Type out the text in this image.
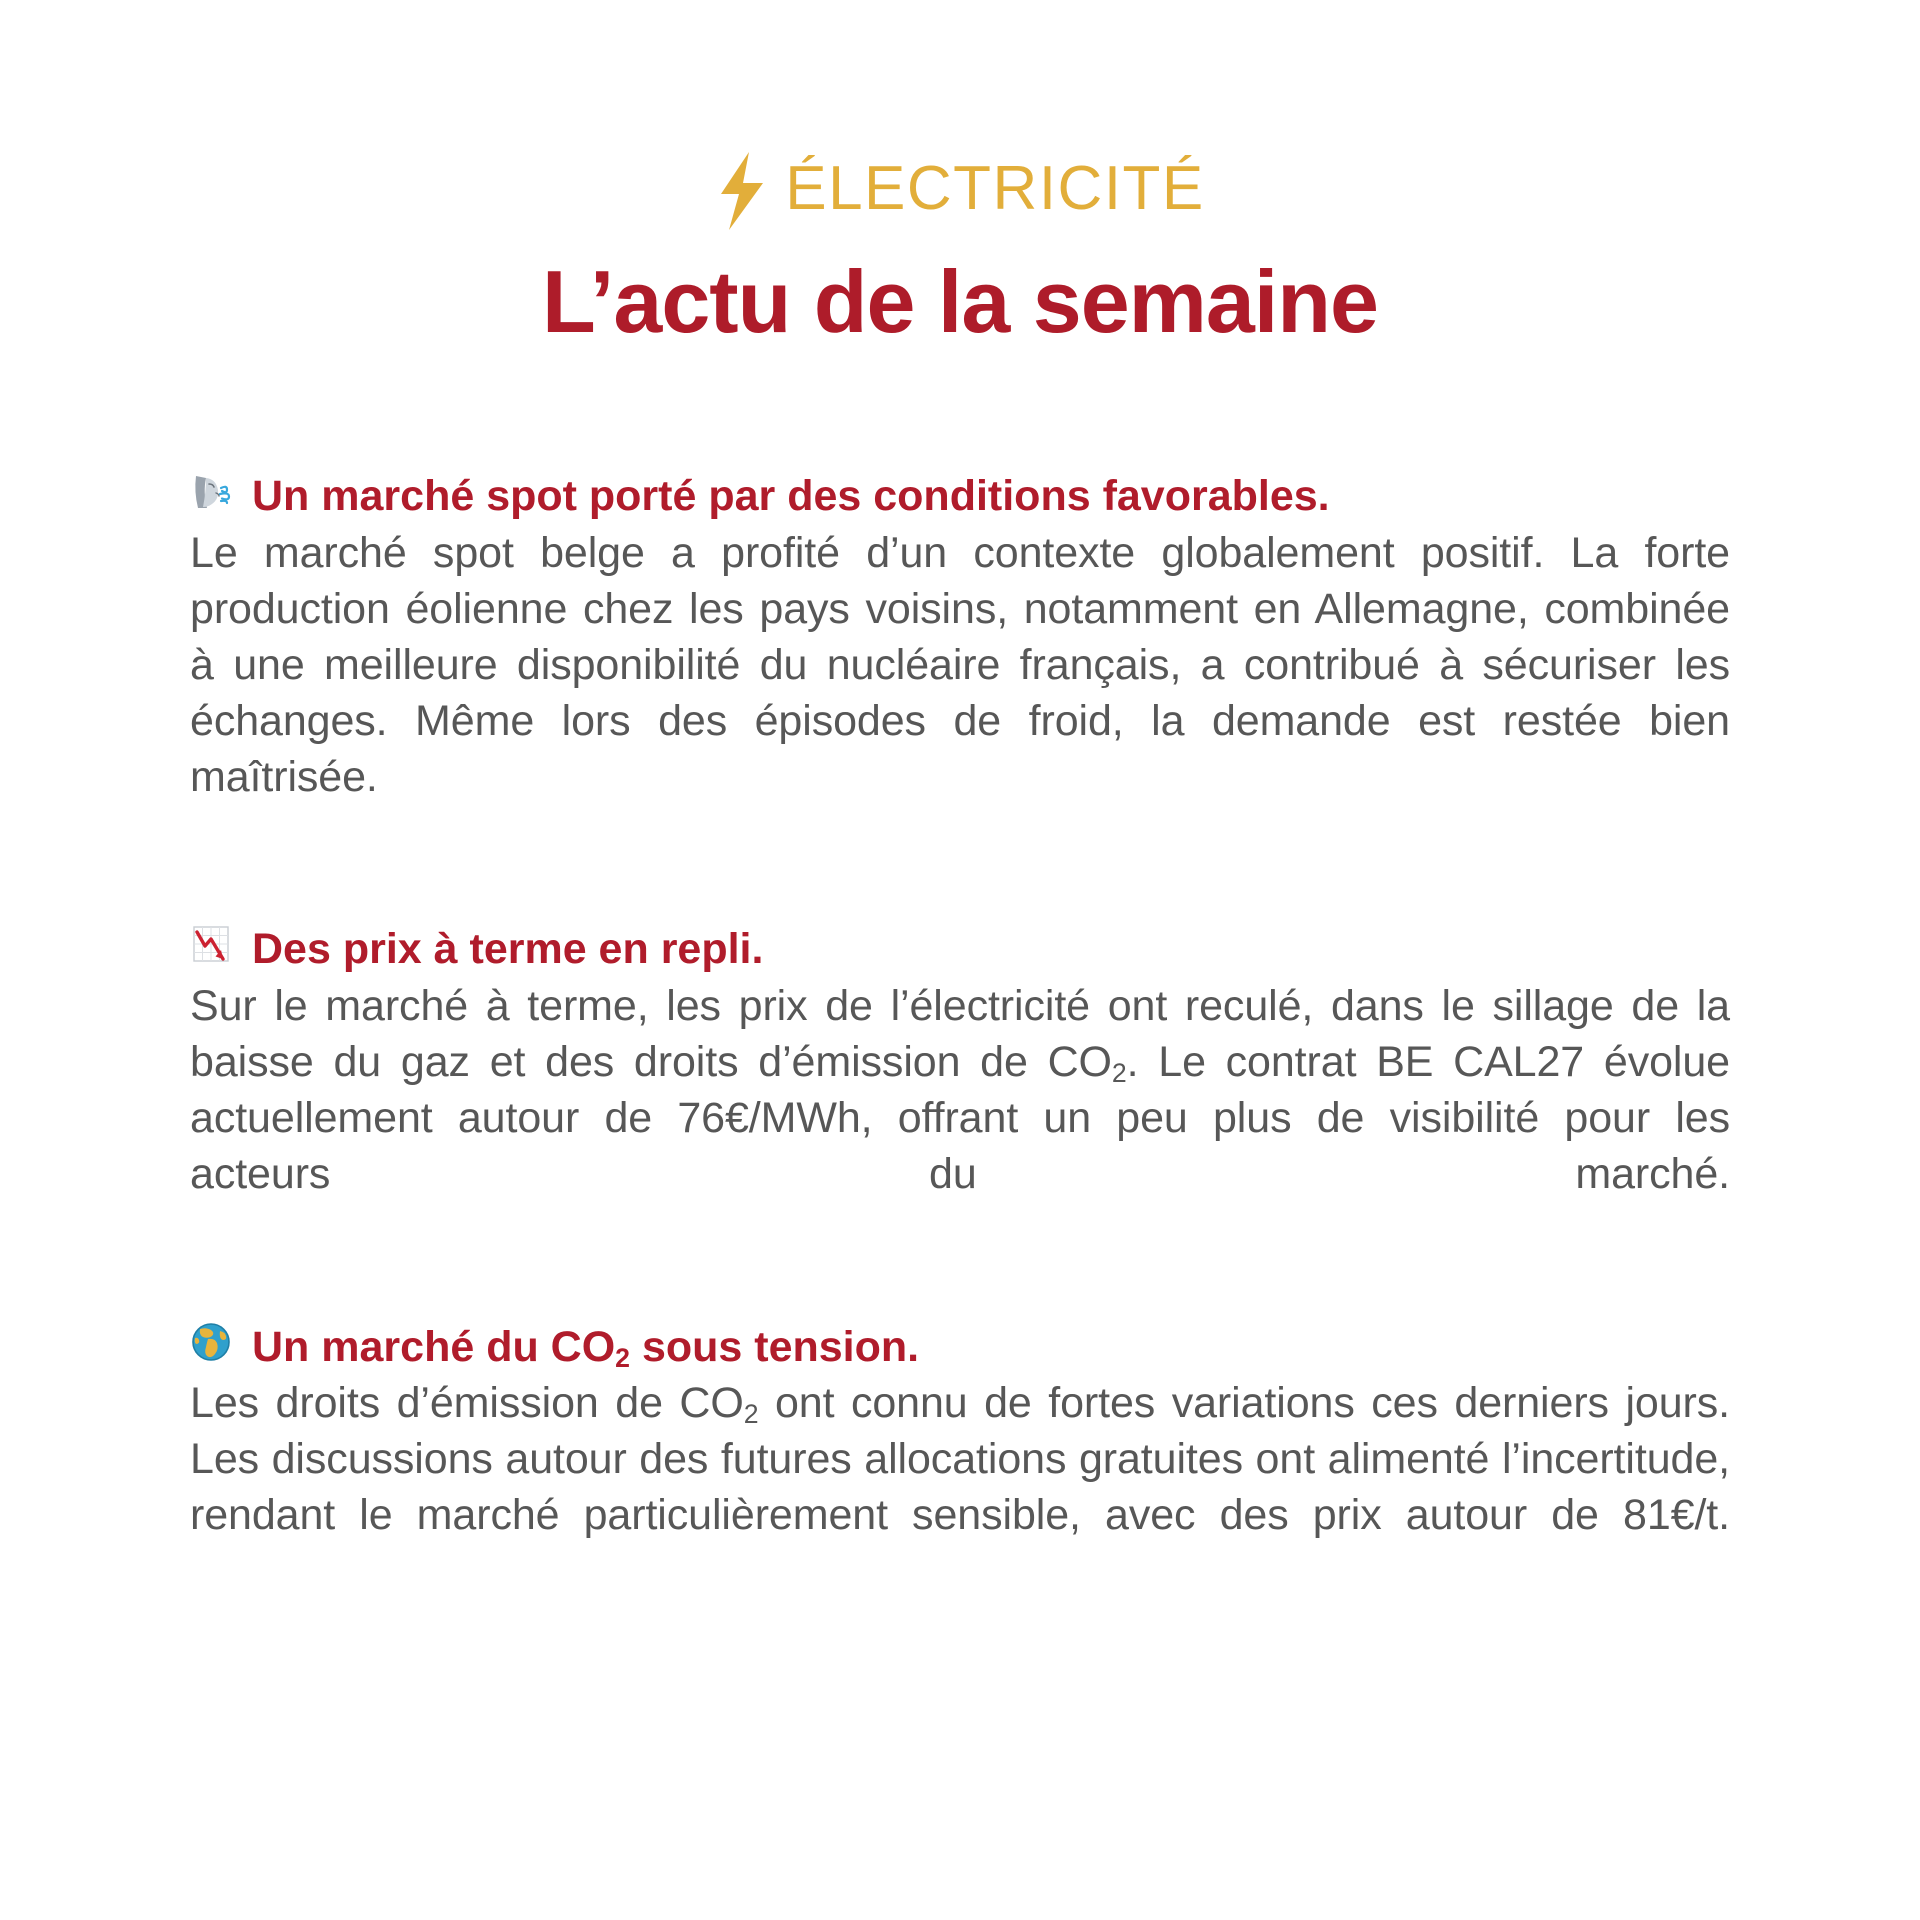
ÉLECTRICITÉ
L’actu de la semaine
Un marché spot porté par des conditions favorables.
Le marché spot belge a profité d’un contexte globalement positif. La forte production éolienne chez les pays voisins, notamment en Allemagne, combinée à une meilleure disponibilité du nucléaire français, a contribué à sécuriser les échanges. Même lors des épisodes de froid, la demande est restée bien maîtrisée.
Des prix à terme en repli.
Sur le marché à terme, les prix de l’électricité ont reculé, dans le sillage de la baisse du gaz et des droits d’émission de $CO_2$. Le contrat BE CAL27 évolue actuellement autour de 76€/MWh, offrant un peu plus de visibilité pour les acteurs du marché.
Un marché du $CO_2$ sous tension.
Les droits d’émission de $CO_2$ ont connu de fortes variations ces derniers jours. Les discussions autour des futures allocations gratuites ont alimenté l’incertitude, rendant le marché particulièrement sensible, avec des prix autour de 81€/t.
